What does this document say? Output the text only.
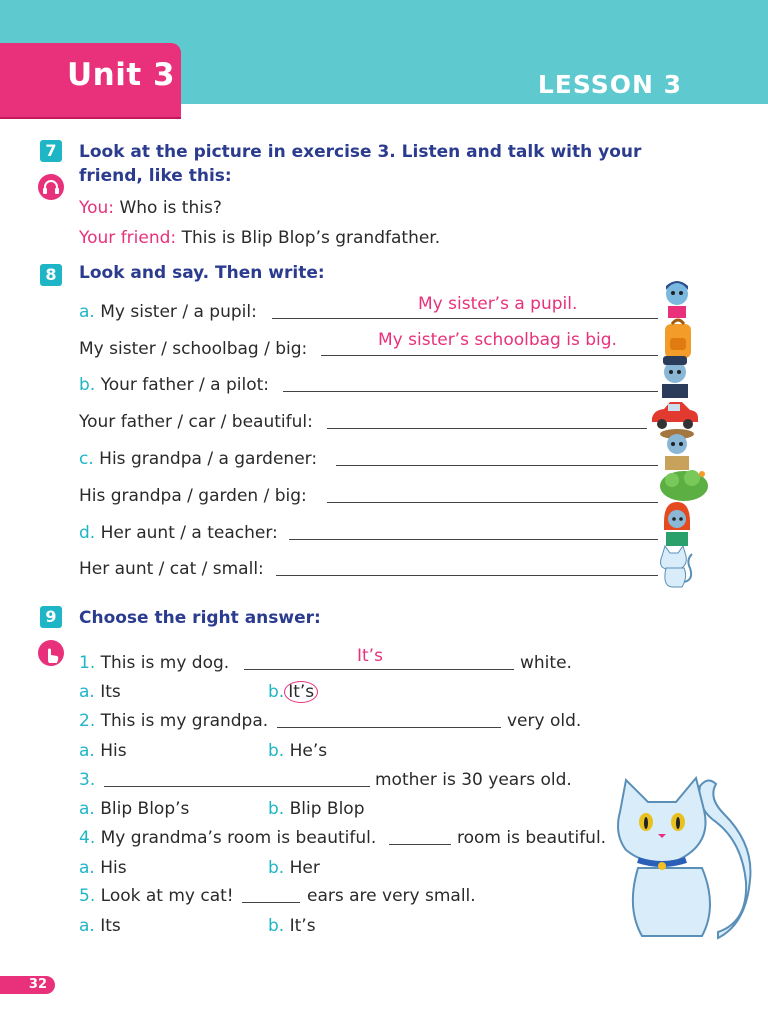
Unit 3	LESSON 3
7	Look at the picture in exercise 3. Listen and talk with your friend, like this:
You: Who is this?
Your friend: This is Blip Blop’s grandfather.
8	Look and say. Then write:
a. My sister / a pupil:	My sister’s a pupil.
My sister / schoolbag / big:	My sister’s schoolbag is big.
b. Your father / a pilot:
Your father / car / beautiful:
c. His grandpa / a gardener:
His grandpa / garden / big:
d. Her aunt / a teacher:
Her aunt / cat / small:
9	Choose the right answer:
1. This is my dog.	It’s	white.
a. Its	b. It’s
2. This is my grandpa.	very old.
a. His	b. He’s
3.	mother is 30 years old.
a. Blip Blop’s	b. Blip Blop
4. My grandma’s room is beautiful.	room is beautiful.
a. His	b. Her
5. Look at my cat!	ears are very small.
a. Its	b. It’s
32
